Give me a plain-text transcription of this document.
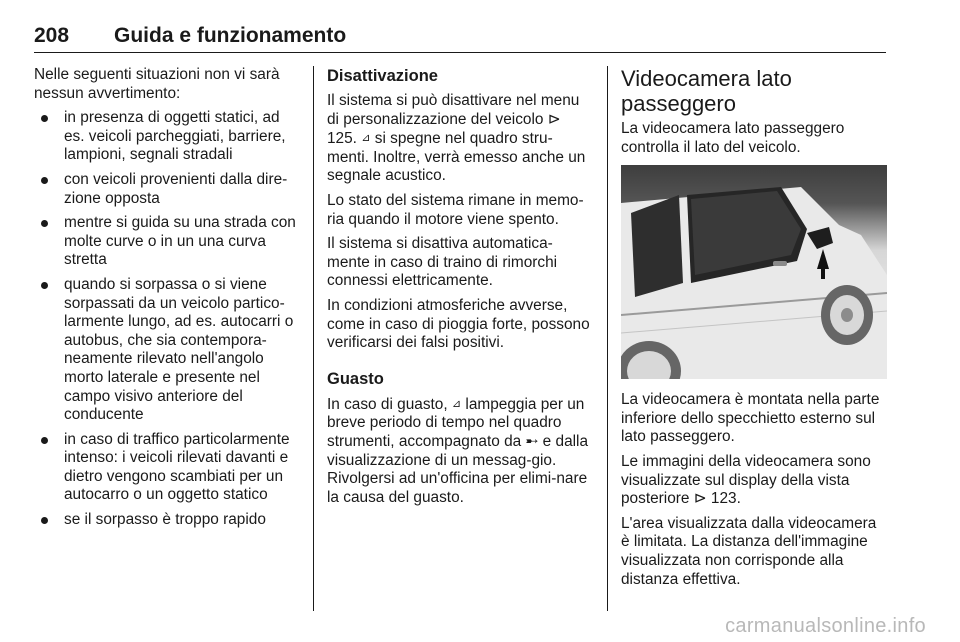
208 Guida e funzionamento

Nelle seguenti situazioni non vi sarà nessun avvertimento:

in presenza di oggetti statici, ad es. veicoli parcheggiati, barriere, lampioni, segnali stradali
con veicoli provenienti dalla dire-zione opposta
mentre si guida su una strada con molte curve o in un una curva stretta
quando si sorpassa o si viene sorpassati da un veicolo partico-larmente lungo, ad es. autocarri o autobus, che sia contempora-neamente rilevato nell'angolo morto laterale e presente nel campo visivo anteriore del conducente
in caso di traffico particolarmente intenso: i veicoli rilevati davanti e dietro vengono scambiati per un autocarro o un oggetto statico
se il sorpasso è troppo rapido
Disattivazione

Il sistema si può disattivare nel menu di personalizzazione del veicolo ⊳ 125. ⊿ si spegne nel quadro stru-menti. Inoltre, verrà emesso anche un segnale acustico.

Lo stato del sistema rimane in memo-ria quando il motore viene spento.

Il sistema si disattiva automatica-mente in caso di traino di rimorchi connessi elettricamente.

In condizioni atmosferiche avverse, come in caso di pioggia forte, possono verificarsi dei falsi positivi.

Guasto

In caso di guasto, ⊿ lampeggia per un breve periodo di tempo nel quadro strumenti, accompagnato da ➸ e dalla visualizzazione di un messag-gio. Rivolgersi ad un'officina per elimi-nare la causa del guasto.

Videocamera lato passeggero

La videocamera lato passeggero controlla il lato del veicolo.

La videocamera è montata nella parte inferiore dello specchietto esterno sul lato passeggero.

Le immagini della videocamera sono visualizzate sul display della vista posteriore ⊳ 123.

L'area visualizzata dalla videocamera è limitata. La distanza dell'immagine visualizzata non corrisponde alla distanza effettiva.

carmanualsonline.info
